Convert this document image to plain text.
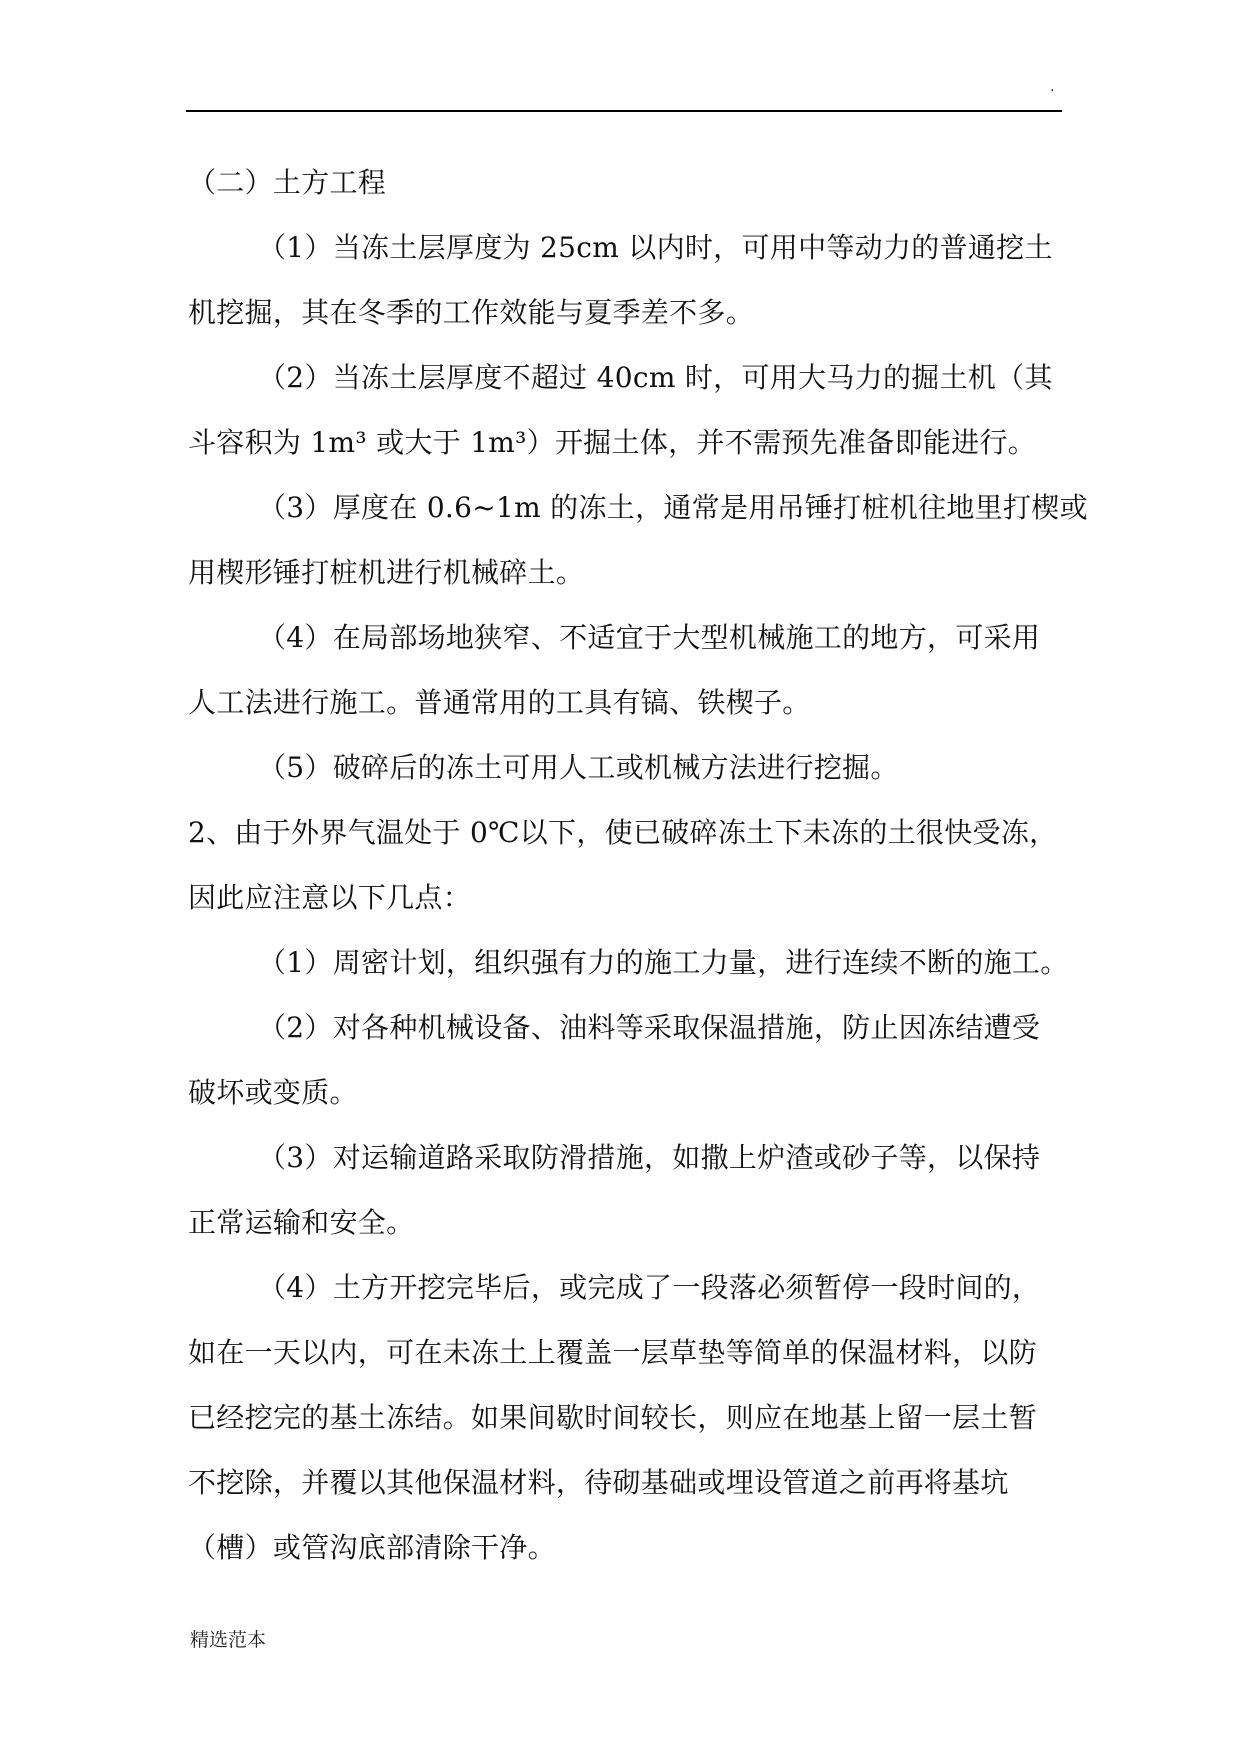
.
（二）土方工程
（1）当冻土层厚度为 25cm 以内时，可用中等动力的普通挖土
机挖掘，其在冬季的工作效能与夏季差不多。
（2）当冻土层厚度不超过 40cm 时，可用大马力的掘土机（其
斗容积为 1m³ 或大于 1m³）开掘土体，并不需预先准备即能进行。
（3）厚度在 0.6~1m 的冻土，通常是用吊锤打桩机往地里打楔或
用楔形锤打桩机进行机械碎土。
（4）在局部场地狭窄、不适宜于大型机械施工的地方，可采用
人工法进行施工。普通常用的工具有镐、铁楔子。
（5）破碎后的冻土可用人工或机械方法进行挖掘。
2、由于外界气温处于 0℃以下，使已破碎冻土下未冻的土很快受冻，
因此应注意以下几点：
（1）周密计划，组织强有力的施工力量，进行连续不断的施工。
（2）对各种机械设备、油料等采取保温措施，防止因冻结遭受
破坏或变质。
（3）对运输道路采取防滑措施，如撒上炉渣或砂子等，以保持
正常运输和安全。
（4）土方开挖完毕后，或完成了一段落必须暂停一段时间的，
如在一天以内，可在未冻土上覆盖一层草垫等简单的保温材料，以防
已经挖完的基土冻结。如果间歇时间较长，则应在地基上留一层土暂
不挖除，并覆以其他保温材料，待砌基础或埋设管道之前再将基坑
（槽）或管沟底部清除干净。
精选范本
